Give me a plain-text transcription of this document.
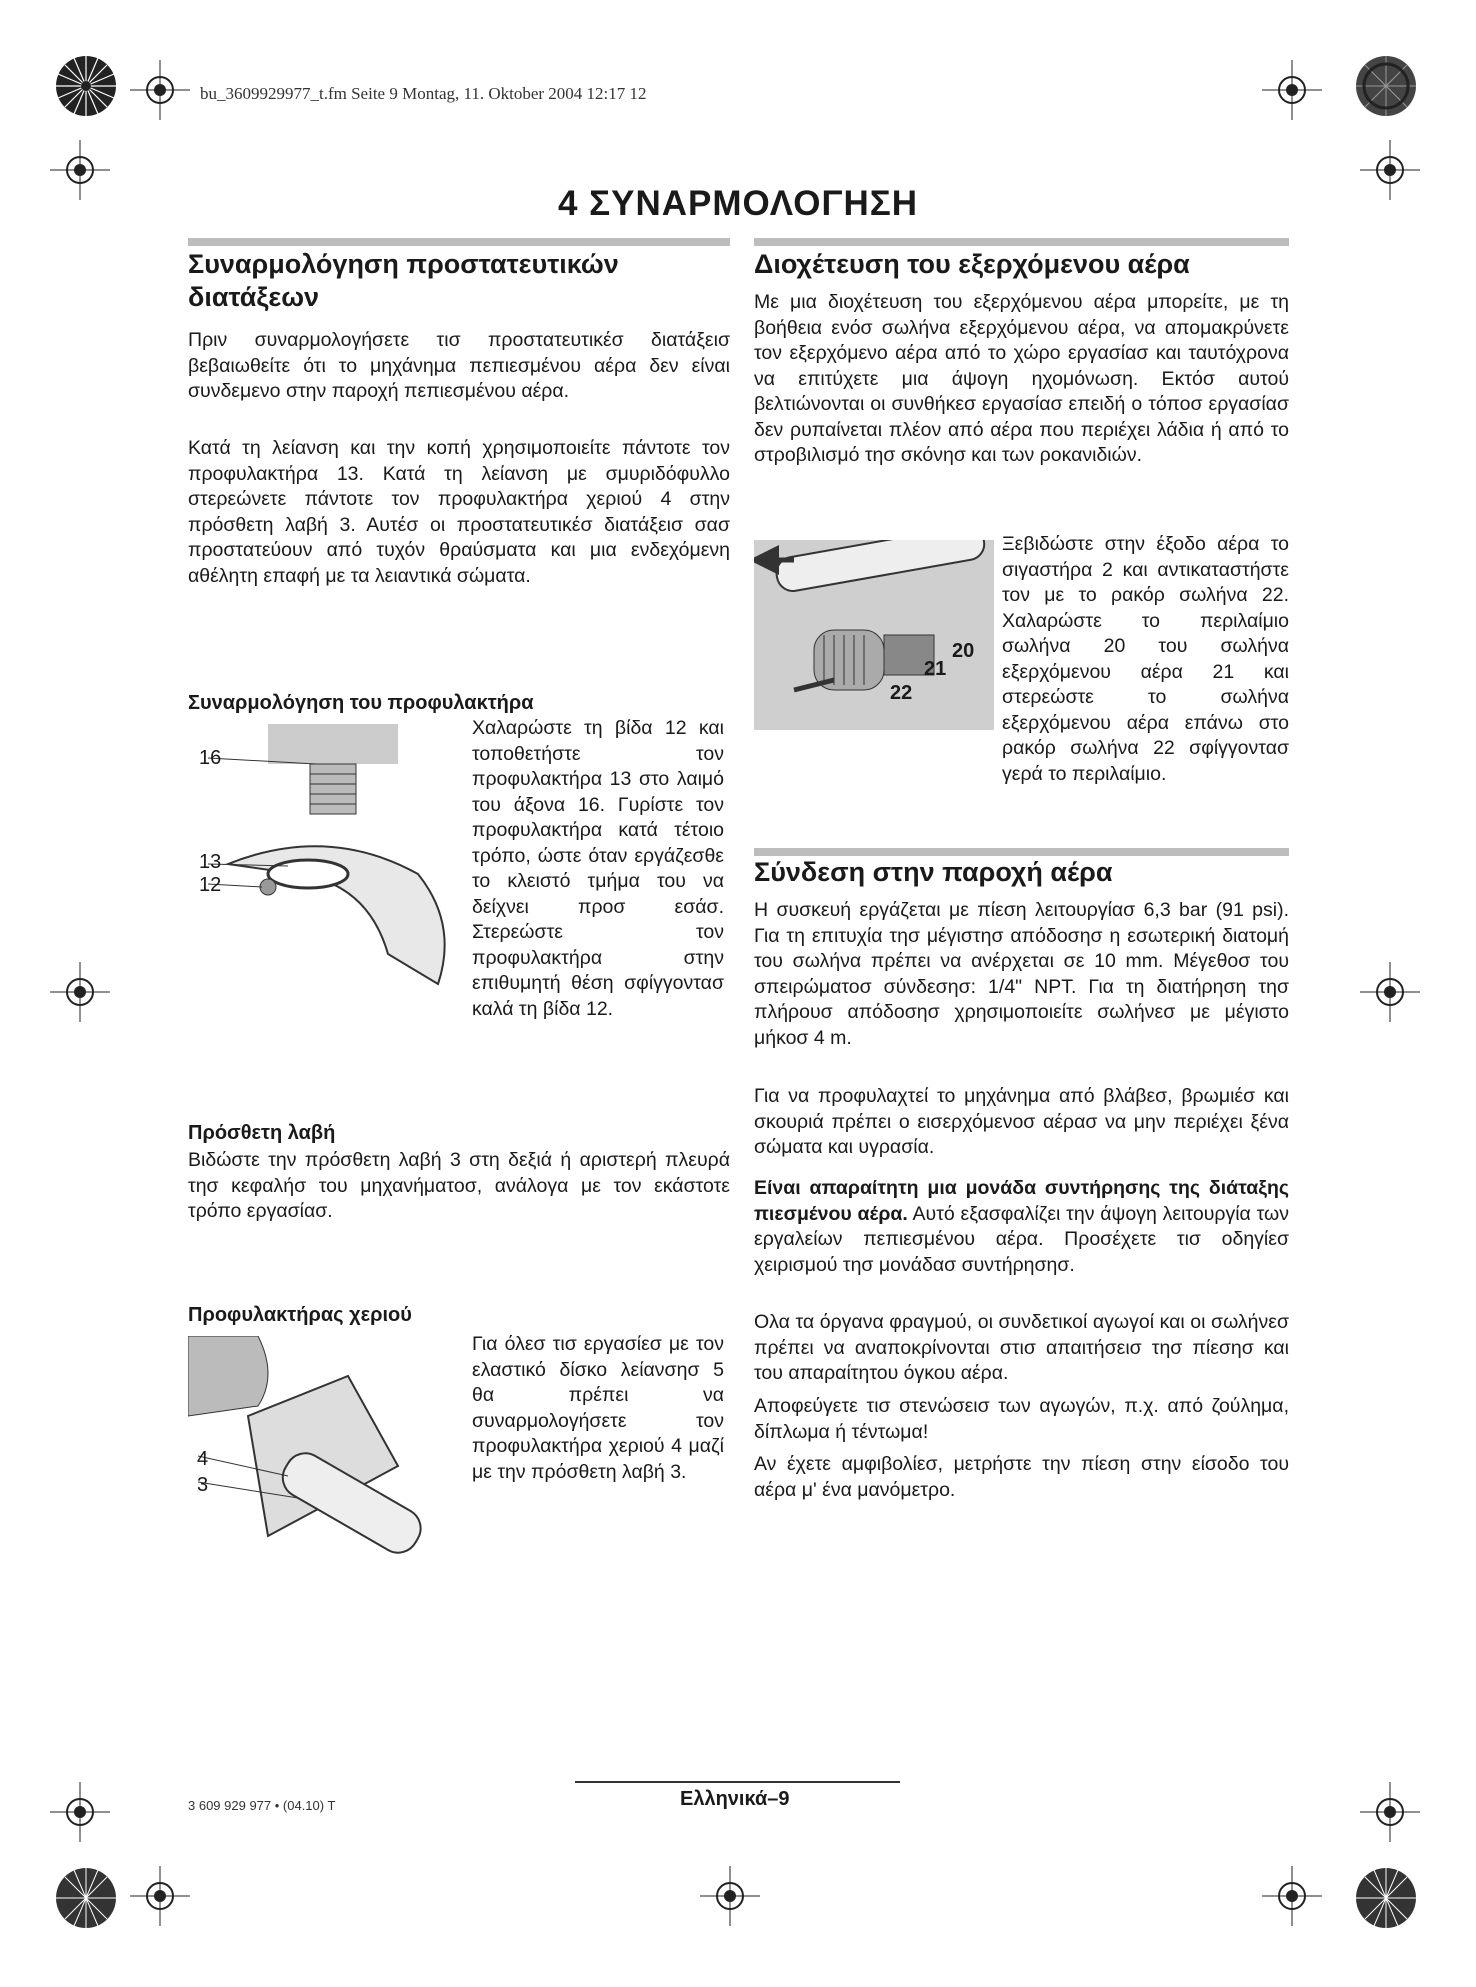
bu_3609929977_t.fm Seite 9 Montag, 11. Oktober 2004 12:17 12
4 ΣΥΝΑΡΜΟΛΟΓΗΣΗ
Συναρμολόγηση προστατευτικών διατάξεων
Πριν συναρμολογήσετε τισ προστατευτικέσ διατάξεισ βεβαιωθείτε ότι το μηχάνημα πεπιεσμένου αέρα δεν είναι συνδεμενο στην παροχή πεπιεσμένου αέρα.
Κατά τη λείανση και την κοπή χρησιμοποιείτε πάντοτε τον προφυλακτήρα 13. Κατά τη λείανση με σμυριδόφυλλο στερεώνετε πάντοτε τον προφυλακτήρα χεριού 4 στην πρόσθετη λαβή 3. Αυτέσ οι προστατευτικέσ διατάξεισ σασ προστατεύουν από τυχόν θραύσματα και μια ενδεχόμενη αθέλητη επαφή με τα λειαντικά σώματα.
Συναρμολόγηση του προφυλακτήρα
16
13
12
Χαλαρώστε τη βίδα 12 και τοποθετήστε τον προφυλακτήρα 13 στο λαιμό του άξονα 16. Γυρίστε τον προφυλακτήρα κατά τέτοιο τρόπο, ώστε όταν εργάζεσθε το κλειστό τμήμα του να δείχνει προσ εσάσ. Στερεώστε τον προφυλακτήρα στην επιθυμητή θέση σφίγγοντασ καλά τη βίδα 12.
Πρόσθετη λαβή
Βιδώστε την πρόσθετη λαβή 3 στη δεξιά ή αριστερή πλευρά τησ κεφαλήσ του μηχανήματοσ, ανάλογα με τον εκάστοτε τρόπο εργασίασ.
Προφυλακτήρας χεριού
4
3
Για όλεσ τισ εργασίεσ με τον ελαστικό δίσκο λείανσησ 5 θα πρέπει να συναρμολογήσετε τον προφυλακτήρα χεριού 4 μαζί με την πρόσθετη λαβή 3.
Διοχέτευση του εξερχόμενου αέρα
Με μια διοχέτευση του εξερχόμενου αέρα μπορείτε, με τη βοήθεια ενόσ σωλήνα εξερχόμενου αέρα, να απομακρύνετε τον εξερχόμενο αέρα από το χώρο εργασίασ και ταυτόχρονα να επιτύχετε μια άψογη ηχομόνωση. Εκτόσ αυτού βελτιώνονται οι συνθήκεσ εργασίασ επειδή ο τόποσ εργασίασ δεν ρυπαίνεται πλέον από αέρα που περιέχει λάδια ή από το στροβιλισμό τησ σκόνησ και των ροκανιδιών.
20
21
22
Ξεβιδώστε στην έξοδο αέρα το σιγαστήρα 2 και αντικαταστήστε τον με το ρακόρ σωλήνα 22. Χαλαρώστε το περιλαίμιο σωλήνα 20 του σωλήνα εξερχόμενου αέρα 21 και στερεώστε το σωλήνα εξερχόμενου αέρα επάνω στο ρακόρ σωλήνα 22 σφίγγοντασ γερά το περιλαίμιο.
Σύνδεση στην παροχή αέρα
Η συσκευή εργάζεται με πίεση λειτουργίασ 6,3 bar (91 psi). Για τη επιτυχία τησ μέγιστησ απόδοσησ η εσωτερική διατομή του σωλήνα πρέπει να ανέρχεται σε 10 mm. Μέγεθοσ του σπειρώματοσ σύνδεσησ: 1/4" NPT. Για τη διατήρηση τησ πλήρουσ απόδοσησ χρησιμοποιείτε σωλήνεσ με μέγιστο μήκοσ 4 m.
Για να προφυλαχτεί το μηχάνημα από βλάβεσ, βρωμιέσ και σκουριά πρέπει ο εισερχόμενοσ αέρασ να μην περιέχει ξένα σώματα και υγρασία.
Είναι απαραίτητη μια μονάδα συντήρησης της διάταξης πιεσμένου αέρα. Αυτό εξασφαλίζει την άψογη λειτουργία των εργαλείων πεπιεσμένου αέρα. Προσέχετε τισ οδηγίεσ χειρισμού τησ μονάδασ συντήρησησ.
Ολα τα όργανα φραγμού, οι συνδετικοί αγωγοί και οι σωλήνεσ πρέπει να αναποκρίνονται στισ απαιτήσεισ τησ πίεσησ και του απαραίτητου όγκου αέρα.
Αποφεύγετε τισ στενώσεισ των αγωγών, π.χ. από ζούλημα, δίπλωμα ή τέντωμα!
Αν έχετε αμφιβολίεσ, μετρήστε την πίεση στην είσοδο του αέρα μ' ένα μανόμετρο.
3 609 929 977 • (04.10) T	Ελληνικά–9
